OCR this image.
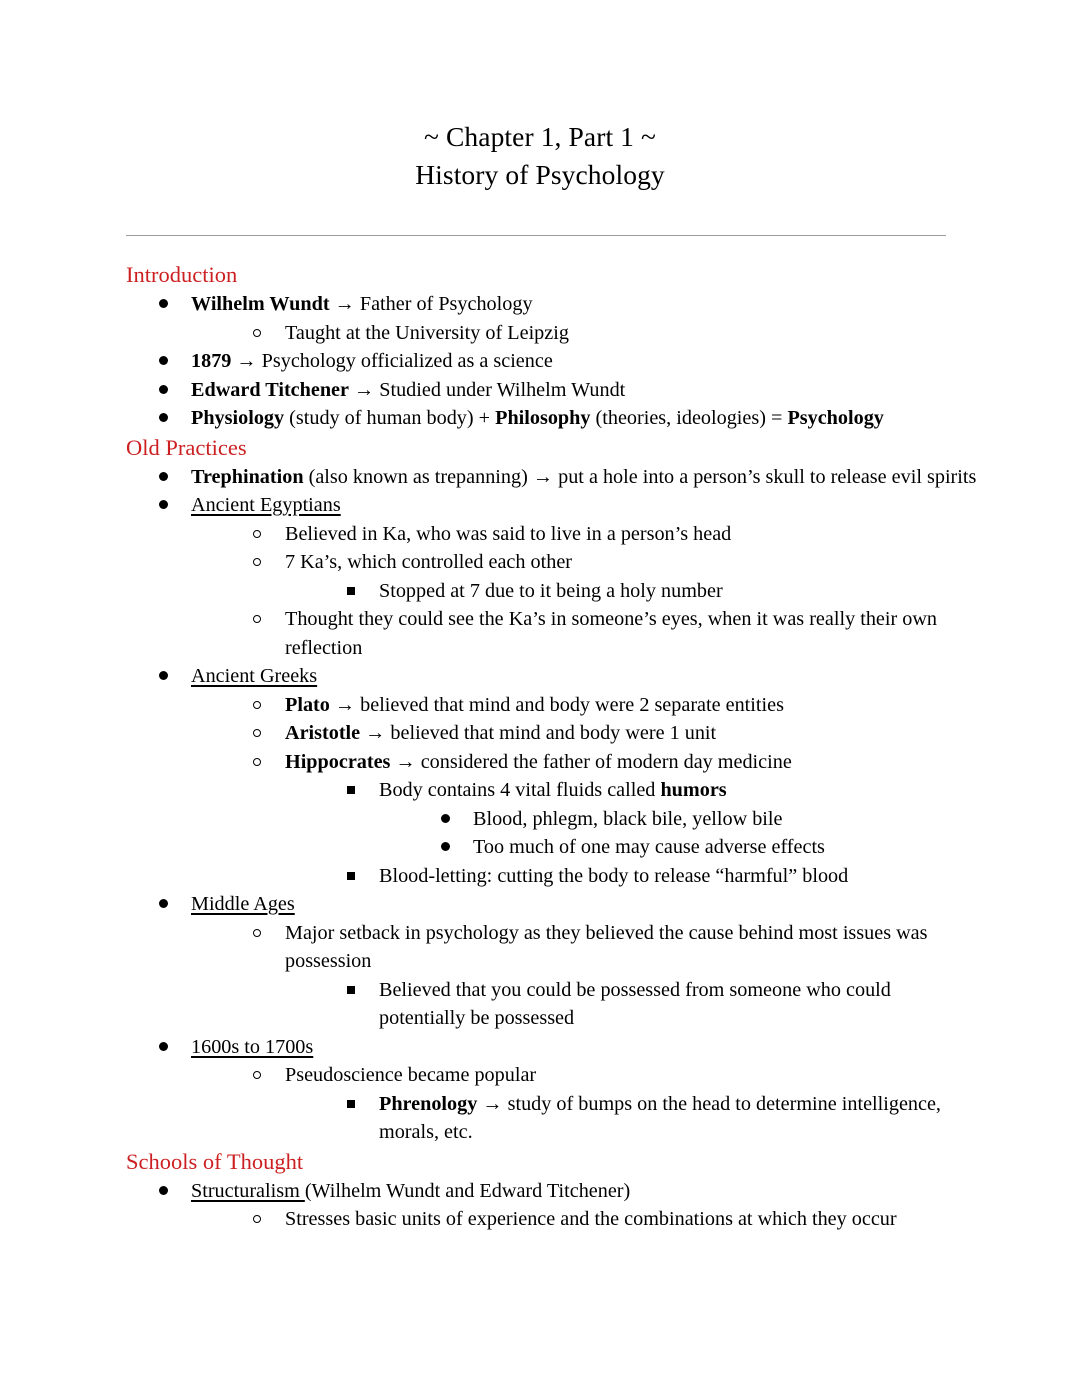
~ Chapter 1, Part 1 ~
History of Psychology
Introduction
Wilhelm Wundt → Father of Psychology
Taught at the University of Leipzig
1879 → Psychology officialized as a science
Edward Titchener → Studied under Wilhelm Wundt
Physiology (study of human body) + Philosophy (theories, ideologies) = Psychology
Old Practices
Trephination (also known as trepanning) → put a hole into a person’s skull to release evil spirits
Ancient Egyptians
Believed in Ka, who was said to live in a person’s head
7 Ka’s, which controlled each other
Stopped at 7 due to it being a holy number
Thought they could see the Ka’s in someone’s eyes, when it was really their own reflection
Ancient Greeks
Plato → believed that mind and body were 2 separate entities
Aristotle → believed that mind and body were 1 unit
Hippocrates → considered the father of modern day medicine
Body contains 4 vital fluids called humors
Blood, phlegm, black bile, yellow bile
Too much of one may cause adverse effects
Blood-letting: cutting the body to release “harmful” blood
Middle Ages
Major setback in psychology as they believed the cause behind most issues was possession
Believed that you could be possessed from someone who could potentially be possessed
1600s to 1700s
Pseudoscience became popular
Phrenology → study of bumps on the head to determine intelligence, morals, etc.
Schools of Thought
Structuralism (Wilhelm Wundt and Edward Titchener)
Stresses basic units of experience and the combinations at which they occur
